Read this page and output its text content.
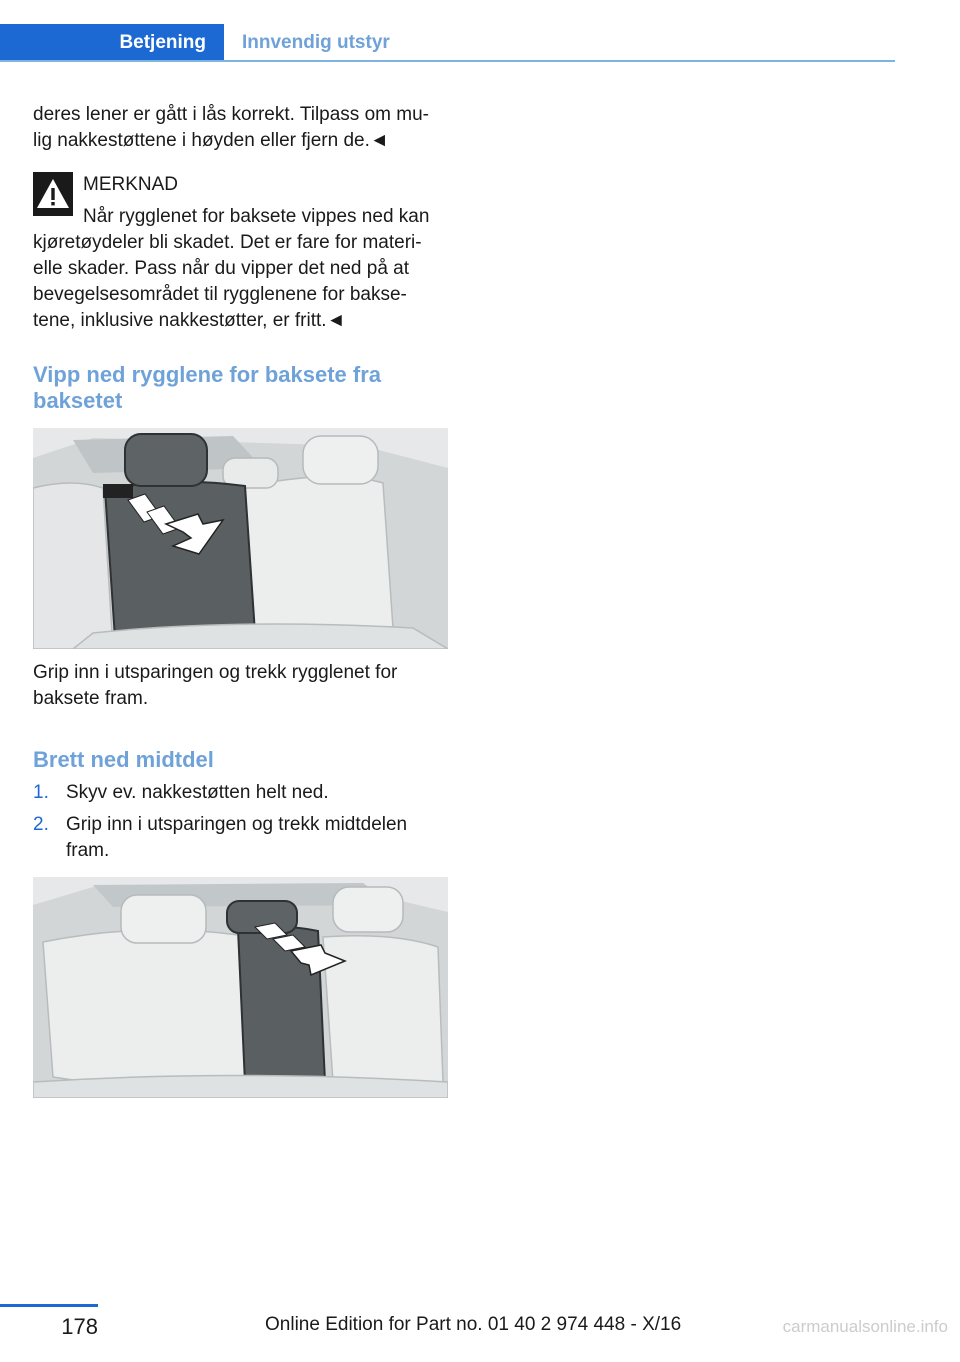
Betjening	Innvendig utstyr

deres lener er gått i lås korrekt. Tilpass om mu‐

lig nakkestøttene i høyden eller fjern de.◄

MERKNAD
Når rygglenet for baksete vippes ned kan

kjøretøydeler bli skadet. Det er fare for materi‐

elle skader. Pass når du vipper det ned på at

bevegelsesområdet til rygglenene for bakse‐

tene, inklusive nakkestøtter, er fritt.◄

Vipp ned rygglene for baksete fra

baksetet

Grip inn i utsparingen og trekk rygglenet for

baksete fram.

Brett ned midtdel

1. Skyv ev. nakkestøtten helt ned.
2. Grip inn i utsparingen og trekk midtdelen
fram.
178	Online Edition for Part no. 01 40 2 974 448 - X/16	carmanualsonline.info
